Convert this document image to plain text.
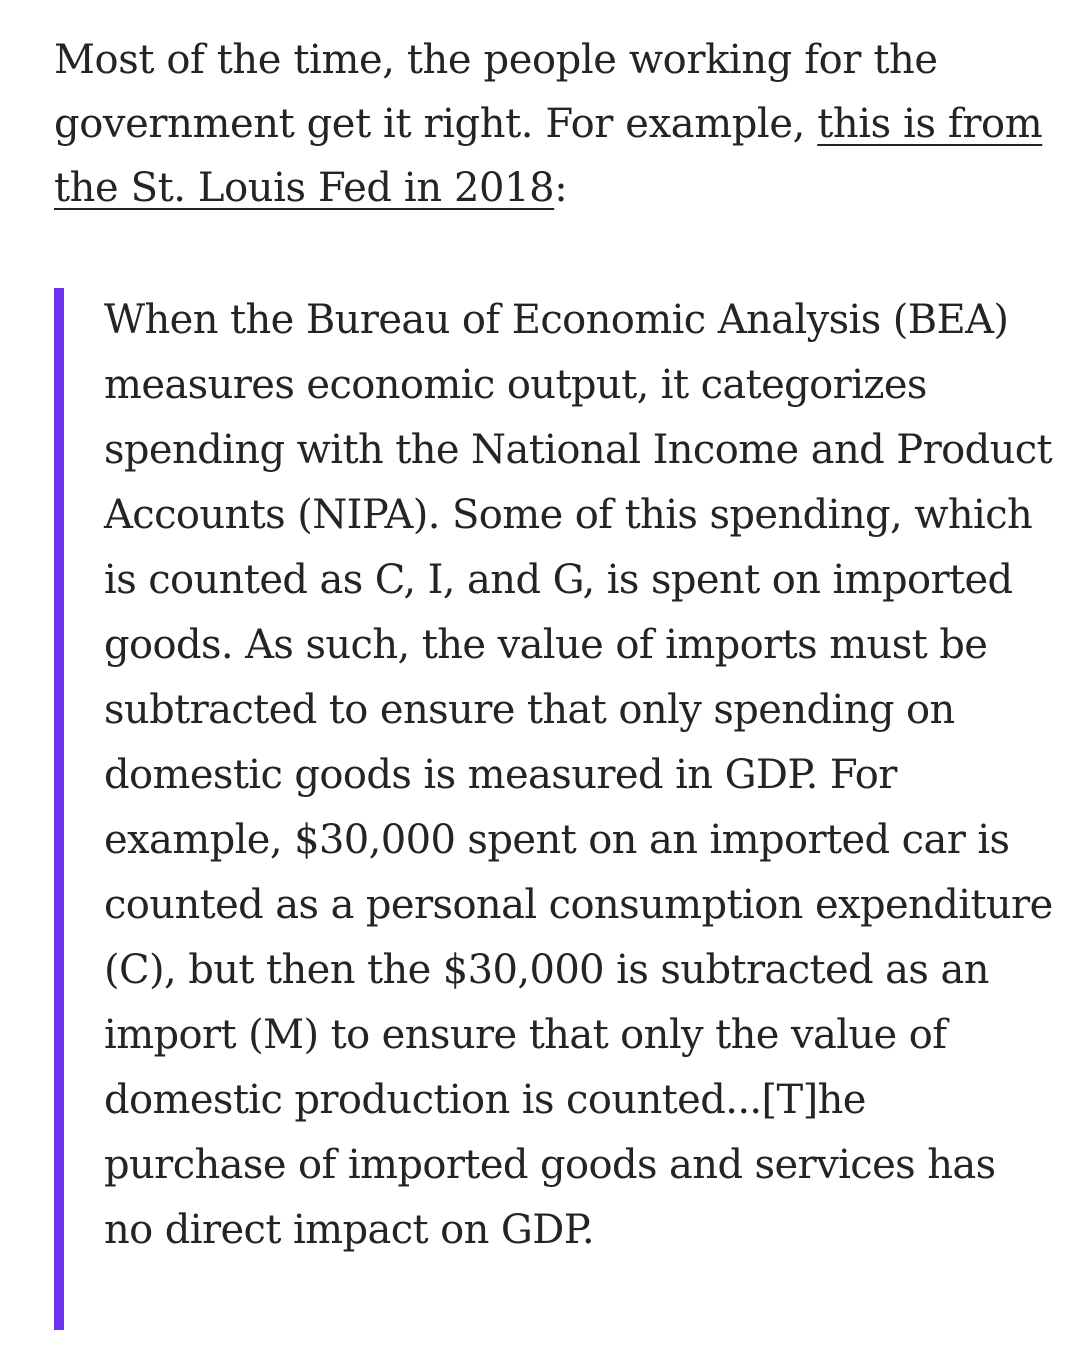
Most of the time, the people working for the government get it right. For example, this is from the St. Louis Fed in 2018:

When the Bureau of Economic Analysis (BEA) measures economic output, it categorizes spending with the National Income and Product Accounts (NIPA). Some of this spending, which is counted as C, I, and G, is spent on imported goods. As such, the value of imports must be subtracted to ensure that only spending on domestic goods is measured in GDP. For example, $30,000 spent on an imported car is counted as a personal consumption expenditure (C), but then the $30,000 is subtracted as an import (M) to ensure that only the value of domestic production is counted...[T]he purchase of imported goods and services has no direct impact on GDP.
